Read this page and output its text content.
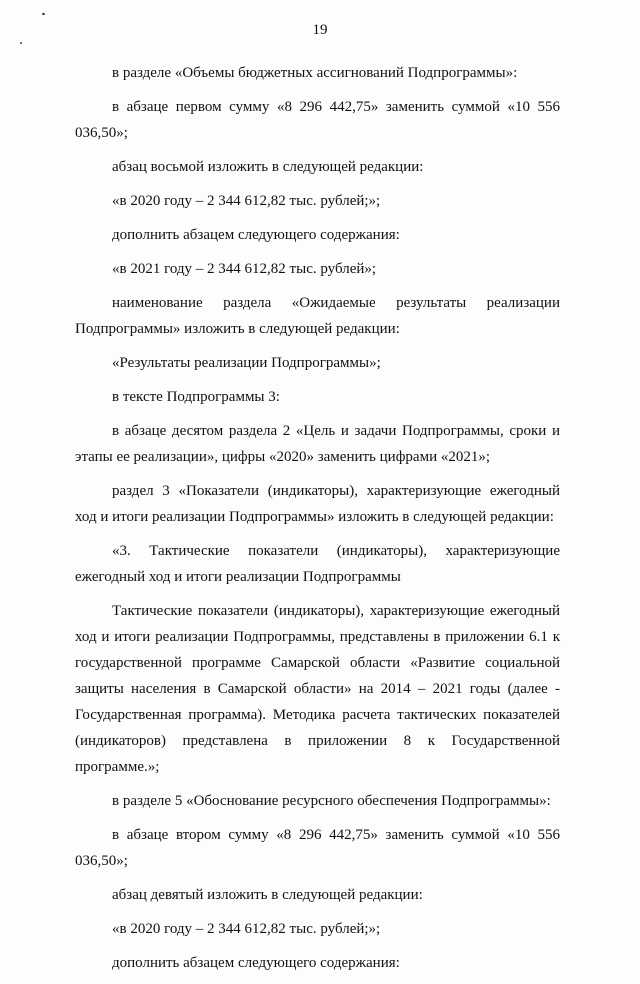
19

в разделе «Объемы бюджетных ассигнований Подпрограммы»:

в абзаце первом сумму «8 296 442,75» заменить суммой «10 556 036,50»;

абзац восьмой изложить в следующей редакции:

«в 2020 году – 2 344 612,82 тыс. рублей;»;

дополнить абзацем следующего содержания:

«в 2021 году – 2 344 612,82 тыс. рублей»;

наименование раздела «Ожидаемые результаты реализации Подпрограммы» изложить в следующей редакции:

«Результаты реализации Подпрограммы»;

в тексте Подпрограммы 3:

в абзаце десятом раздела 2 «Цель и задачи Подпрограммы, сроки и этапы ее реализации», цифры «2020» заменить цифрами «2021»;

раздел 3 «Показатели (индикаторы), характеризующие ежегодный ход и итоги реализации Подпрограммы» изложить в следующей редакции:

«3. Тактические показатели (индикаторы), характеризующие ежегодный ход и итоги реализации Подпрограммы

Тактические показатели (индикаторы), характеризующие ежегодный ход и итоги реализации Подпрограммы, представлены в приложении 6.1 к государственной программе Самарской области «Развитие социальной защиты населения в Самарской области» на 2014 – 2021 годы (далее - Государственная программа). Методика расчета тактических показателей (индикаторов) представлена в приложении 8 к Государственной программе.»;

в разделе 5 «Обоснование ресурсного обеспечения Подпрограммы»:

в абзаце втором сумму «8 296 442,75» заменить суммой «10 556 036,50»;

абзац девятый изложить в следующей редакции:

«в 2020 году – 2 344 612,82 тыс. рублей;»;

дополнить абзацем следующего содержания:
